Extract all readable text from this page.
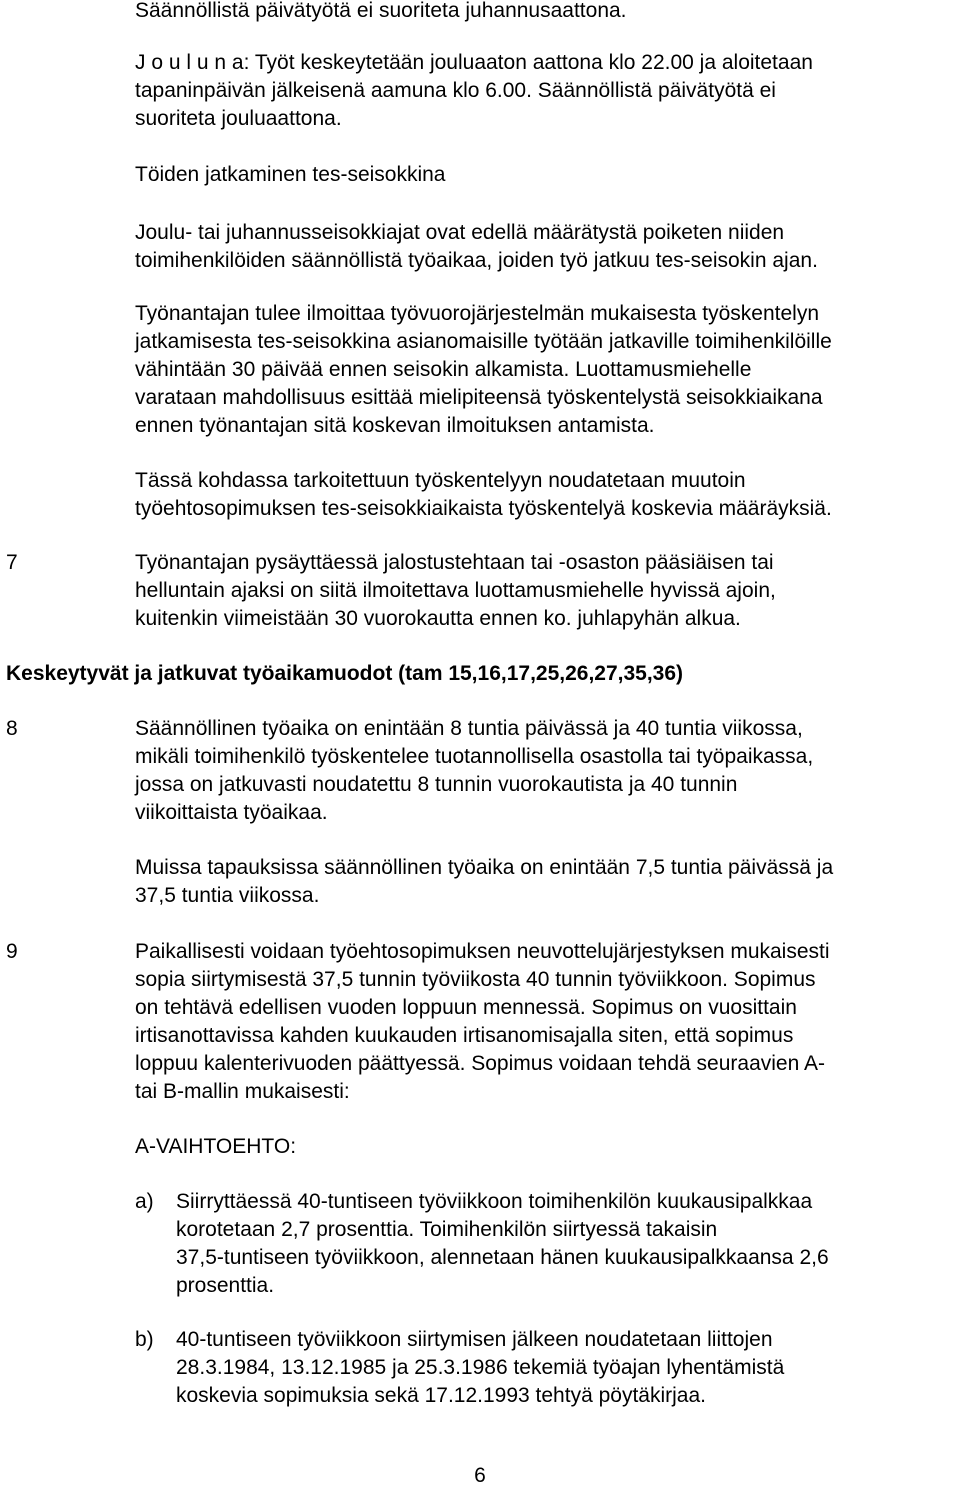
Säännöllistä päivätyötä ei suoriteta juhannusaattona.
J o u l u n a: Työt keskeytetään jouluaaton aattona klo 22.00 ja aloitetaan
tapaninpäivän jälkeisenä aamuna klo 6.00. Säännöllistä päivätyötä ei
suoriteta jouluaattona.
Töiden jatkaminen tes-seisokkina
Joulu- tai juhannusseisokkiajat ovat edellä määrätystä poiketen niiden
toimihenkilöiden säännöllistä työaikaa, joiden työ jatkuu tes-seisokin ajan.
Työnantajan tulee ilmoittaa työvuorojärjestelmän mukaisesta työskentelyn
jatkamisesta tes-seisokkina asianomaisille työtään jatkaville toimihenkilöille
vähintään 30 päivää ennen seisokin alkamista. Luottamusmiehelle
varataan mahdollisuus esittää mielipiteensä työskentelystä seisokkiaikana
ennen työnantajan sitä koskevan ilmoituksen antamista.
Tässä kohdassa tarkoitettuun työskentelyyn noudatetaan muutoin
työehtosopimuksen tes-seisokkiaikaista työskentelyä koskevia määräyksiä.
7	Työnantajan pysäyttäessä jalostustehtaan tai -osaston pääsiäisen tai
helluntain ajaksi on siitä ilmoitettava luottamusmiehelle hyvissä ajoin,
kuitenkin viimeistään 30 vuorokautta ennen ko. juhlapyhän alkua.
Keskeytyvät ja jatkuvat työaikamuodot (tam 15,16,17,25,26,27,35,36)
8	Säännöllinen työaika on enintään 8 tuntia päivässä ja 40 tuntia viikossa,
mikäli toimihenkilö työskentelee tuotannollisella osastolla tai työpaikassa,
jossa on jatkuvasti noudatettu 8 tunnin vuorokautista ja 40 tunnin
viikoittaista työaikaa.
Muissa tapauksissa säännöllinen työaika on enintään 7,5 tuntia päivässä ja
37,5 tuntia viikossa.
9	Paikallisesti voidaan työehtosopimuksen neuvottelujärjestyksen mukaisesti
sopia siirtymisestä 37,5 tunnin työviikosta 40 tunnin työviikkoon. Sopimus
on tehtävä edellisen vuoden loppuun mennessä. Sopimus on vuosittain
irtisanottavissa kahden kuukauden irtisanomisajalla siten, että sopimus
loppuu kalenterivuoden päättyessä. Sopimus voidaan tehdä seuraavien A-
tai B-mallin mukaisesti:
A-VAIHTOEHTO:
a)	Siirryttäessä 40-tuntiseen työviikkoon toimihenkilön kuukausipalkkaa
korotetaan 2,7 prosenttia. Toimihenkilön siirtyessä takaisin
37,5-tuntiseen työviikkoon, alennetaan hänen kuukausipalkkaansa 2,6
prosenttia.
b)	40-tuntiseen työviikkoon siirtymisen jälkeen noudatetaan liittojen
28.3.1984, 13.12.1985 ja 25.3.1986 tekemiä työajan lyhentämistä
koskevia sopimuksia sekä 17.12.1993 tehtyä pöytäkirjaa.
6
